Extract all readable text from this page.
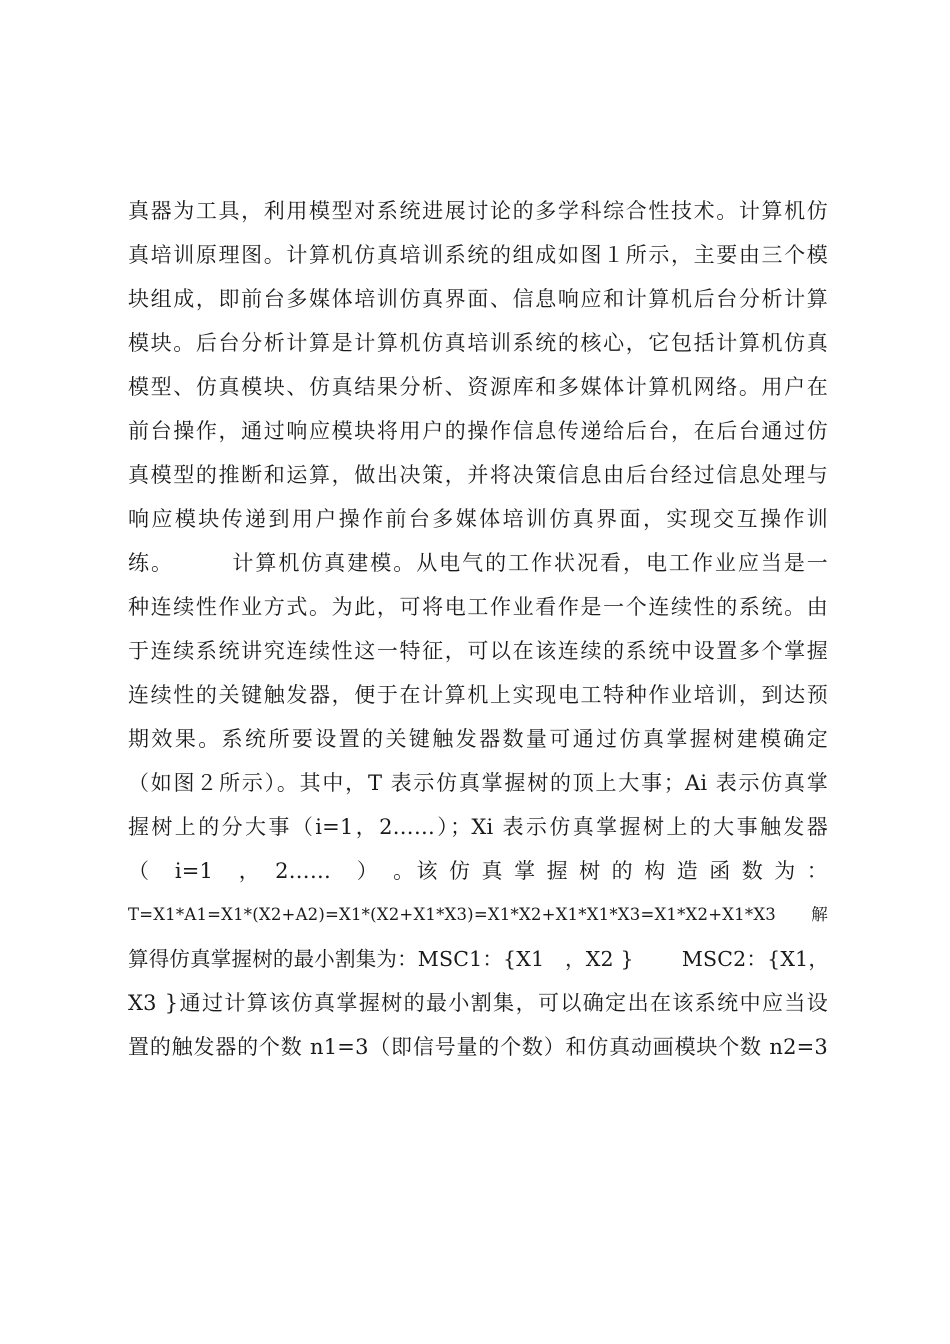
真器为工具，利用模型对系统进展讨论的多学科综合性技术。计算机仿
真培训原理图。计算机仿真培训系统的组成如图１所示，主要由三个模
块组成，即前台多媒体培训仿真界面、信息响应和计算机后台分析计算
模块。后台分析计算是计算机仿真培训系统的核心，它包括计算机仿真
模型、仿真模块、仿真结果分析、资源库和多媒体计算机网络。用户在
前台操作，通过响应模块将用户的操作信息传递给后台，在后台通过仿
真模型的推断和运算，做出决策，并将决策信息由后台经过信息处理与
响应模块传递到用户操作前台多媒体培训仿真界面，实现交互操作训
练。　　　计算机仿真建模。从电气的工作状况看，电工作业应当是一
种连续性作业方式。为此，可将电工作业看作是一个连续性的系统。由
于连续系统讲究连续性这一特征，可以在该连续的系统中设置多个掌握
连续性的关键触发器，便于在计算机上实现电工特种作业培训，到达预
期效果。系统所要设置的关键触发器数量可通过仿真掌握树建模确定
（如图２所示）。其中，T 表示仿真掌握树的顶上大事；Ai 表示仿真掌
握树上的分大事（i=1，2……）；Xi 表示仿真掌握树上的大事触发器
（　i=1　，　2……　）　。该 仿 真 掌 握 树 的 构 造 函 数 为 ：
T=X1*A1=X1*(X2+A2)=X1*(X2+X1*X3)=X1*X2+X1*X1*X3=X1*X2+X1*X3　 解
算得仿真掌握树的最小割集为：MSC1：{X1　，X2 }　　 MSC2：{X1，
X3 }通过计算该仿真掌握树的最小割集，可以确定出在该系统中应当设
置的触发器的个数 n1=3（即信号量的个数）和仿真动画模块个数 n2=3
